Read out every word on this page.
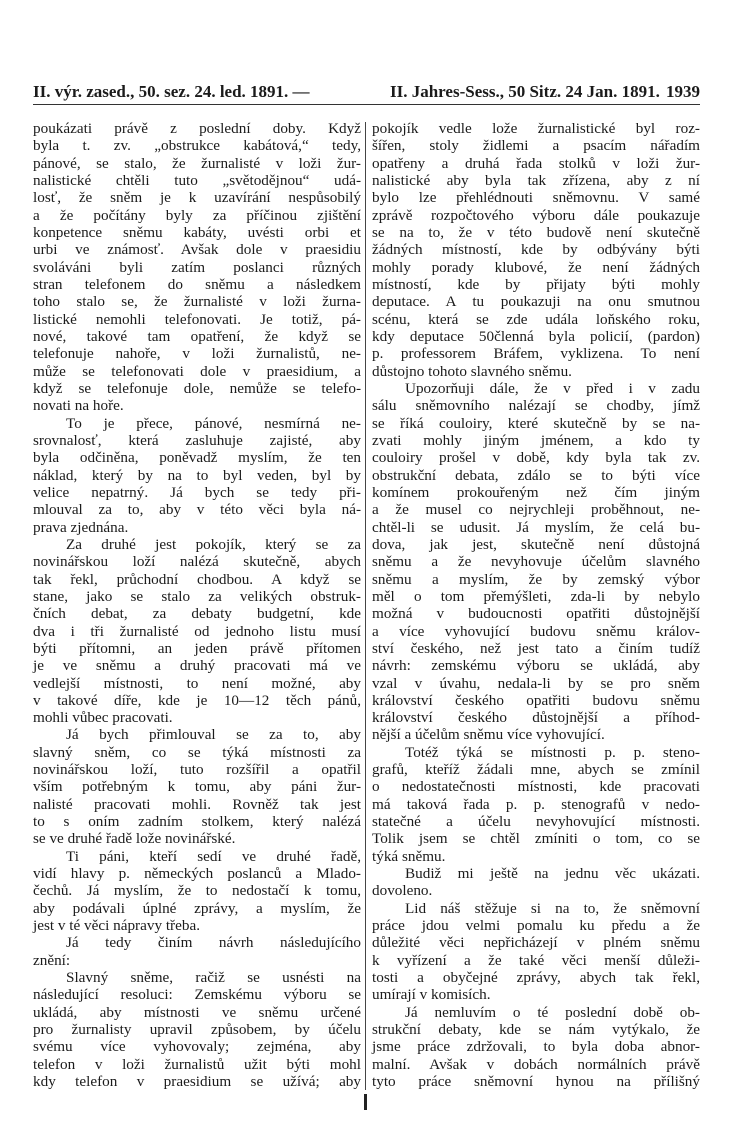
II. výr. zased., 50. sez. 24. led. 1891. —	II. Jahres-Sess., 50 Sitz. 24 Jan. 1891. 1939
poukázati právě z poslední doby. Když
byla t. zv. „obstrukce kabátová,“ tedy,
pánové, se stalo, že žurnalisté v loži žur-
nalistické chtěli tuto „světodějnou“ udá-
losť, že sněm je k uzavírání nespůsobilý
a že počítány byly za příčinou zjištění
konpetence sněmu kabáty, uvésti orbi et
urbi ve známosť. Avšak dole v praesidiu
svoláváni byli zatím poslanci různých
stran telefonem do sněmu a následkem
toho stalo se, že žurnalisté v loži žurna-
listické nemohli telefonovati. Je totiž, pá-
nové, takové tam opatření, že když se
telefonuje nahoře, v loži žurnalistů, ne-
může se telefonovati dole v praesidium, a
když se telefonuje dole, nemůže se telefo-
novati na hoře.
To je přece, pánové, nesmírná ne-
srovnalosť, která zasluhuje zajisté, aby
byla odčiněna, poněvadž myslím, že ten
náklad, který by na to byl veden, byl by
velice nepatrný. Já bych se tedy při-
mlouval za to, aby v této věci byla ná-
prava zjednána.
Za druhé jest pokojík, který se za
novinářskou loží nalézá skutečně, abych
tak řekl, průchodní chodbou. A když se
stane, jako se stalo za velikých obstruk-
čních debat, za debaty budgetní, kde
dva i tři žurnalisté od jednoho listu musí
býti přítomni, an jeden právě přítomen
je ve sněmu a druhý pracovati má ve
vedlejší místnosti, to není možné, aby
v takové díře, kde je 10—12 těch pánů,
mohli vůbec pracovati.
Já bych přimlouval se za to, aby
slavný sněm, co se týká místnosti za
novinářskou loží, tuto rozšířil a opatřil
vším potřebným k tomu, aby páni žur-
nalisté pracovati mohli. Rovněž tak jest
to s oním zadním stolkem, který nalézá
se ve druhé řadě lože novinářské.
Ti páni, kteří sedí ve druhé řadě,
vidí hlavy p. německých poslanců a Mlado-
čechů. Já myslím, že to nedostačí k tomu,
aby podávali úplné zprávy, a myslím, že
jest v té věci nápravy třeba.
Já tedy činím návrh následujícího
znění:
Slavný sněme, račiž se usnésti na
následující resoluci: Zemskému výboru se
ukládá, aby místnosti ve sněmu určené
pro žurnalisty upravil způsobem, by účelu
svému více vyhovovaly; zejména, aby
telefon v loži žurnalistů užit býti mohl
kdy telefon v praesidium se užívá; aby
pokojík vedle lože žurnalistické byl roz-
šířen, stoly židlemi a psacím nářadím
opatřeny a druhá řada stolků v loži žur-
nalistické aby byla tak zřízena, aby z ní
bylo lze přehlédnouti sněmovnu. V samé
zprávě rozpočtového výboru dále poukazuje
se na to, že v této budově není skutečně
žádných místností, kde by odbývány býti
mohly porady klubové, že není žádných
místností, kde by přijaty býti mohly
deputace. A tu poukazuji na onu smutnou
scénu, která se zde udála loňského roku,
kdy deputace 50členná byla policií, (pardon)
p. professorem Bráfem, vyklizena. To není
důstojno tohoto slavného sněmu.
Upozorňuji dále, že v před i v zadu
sálu sněmovního nalézají se chodby, jímž
se říká couloiry, které skutečně by se na-
zvati mohly jiným jménem, a kdo ty
couloiry prošel v době, kdy byla tak zv.
obstrukční debata, zdálo se to býti více
komínem prokouřeným než čím jiným
a že musel co nejrychleji proběhnout, ne-
chtěl-li se udusit. Já myslím, že celá bu-
dova, jak jest, skutečně není důstojná
sněmu a že nevyhovuje účelům slavného
sněmu a myslím, že by zemský výbor
měl o tom přemýšleti, zda-li by nebylo
možná v budoucnosti opatřiti důstojnější
a více vyhovující budovu sněmu králov-
ství českého, než jest tato a činím tudíž
návrh: zemskému výboru se ukládá, aby
vzal v úvahu, nedala-li by se pro sněm
království českého opatřiti budovu sněmu
království českého důstojnější a příhod-
nější a účelům sněmu více vyhovující.
Totéž týká se místnosti p. p. steno-
grafů, kteříž žádali mne, abych se zmínil
o nedostatečnosti místnosti, kde pracovati
má taková řada p. p. stenografů v nedo-
statečné a účelu nevyhovující místnosti.
Tolik jsem se chtěl zmíniti o tom, co se
týká sněmu.
Budiž mi ještě na jednu věc ukázati.
dovoleno.
Lid náš stěžuje si na to, že sněmovní
práce jdou velmi pomalu ku předu a že
důležité věci nepřicházejí v plném sněmu
k vyřízení a že také věci menší důleži-
tosti a obyčejné zprávy, abych tak řekl,
umírají v komisích.
Já nemluvím o té poslední době ob-
strukční debaty, kde se nám vytýkalo, že
jsme práce zdržovali, to byla doba abnor-
malní. Avšak v dobách normálních právě
tyto práce sněmovní hynou na přílišný
